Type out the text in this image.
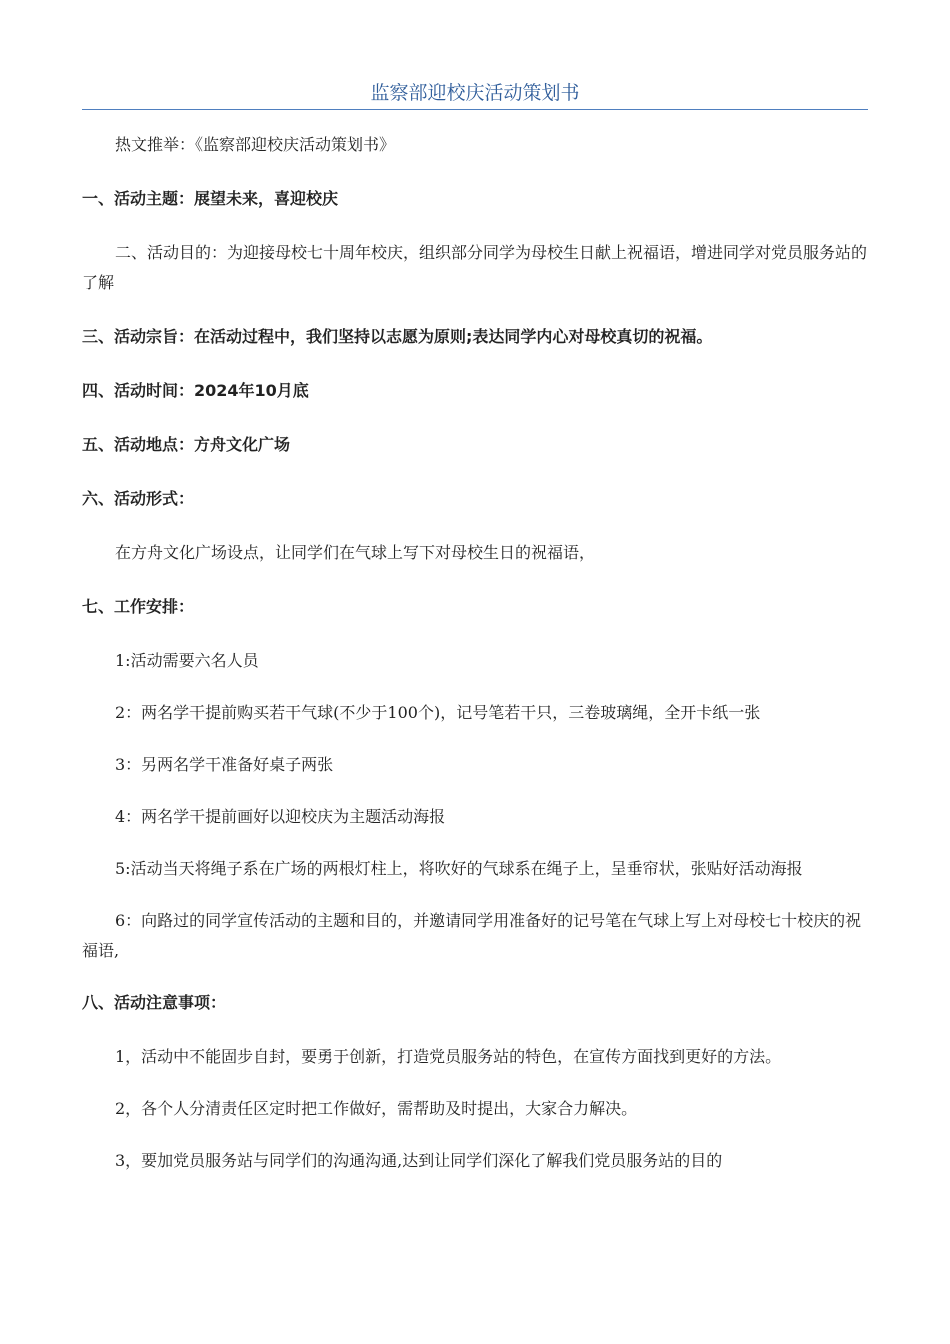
监察部迎校庆活动策划书

热文推举：《监察部迎校庆活动策划书》

一、活动主题：展望未来，喜迎校庆

二、活动目的：为迎接母校七十周年校庆，组织部分同学为母校生日献上祝福语，增进同学对党员服务站的了解

三、活动宗旨：在活动过程中，我们坚持以志愿为原则;表达同学内心对母校真切的祝福。

四、活动时间：2024年10月底

五、活动地点：方舟文化广场

六、活动形式：

在方舟文化广场设点，让同学们在气球上写下对母校生日的祝福语，

七、工作安排：

1:活动需要六名人员

2：两名学干提前购买若干气球(不少于100个)，记号笔若干只，三卷玻璃绳，全开卡纸一张

3：另两名学干准备好桌子两张

4：两名学干提前画好以迎校庆为主题活动海报

5:活动当天将绳子系在广场的两根灯柱上，将吹好的气球系在绳子上，呈垂帘状，张贴好活动海报

6：向路过的同学宣传活动的主题和目的，并邀请同学用准备好的记号笔在气球上写上对母校七十校庆的祝福语,

八、活动注意事项：

1，活动中不能固步自封，要勇于创新，打造党员服务站的特色，在宣传方面找到更好的方法。

2，各个人分清责任区定时把工作做好，需帮助及时提出，大家合力解决。

3，要加党员服务站与同学们的沟通沟通,达到让同学们深化了解我们党员服务站的目的
